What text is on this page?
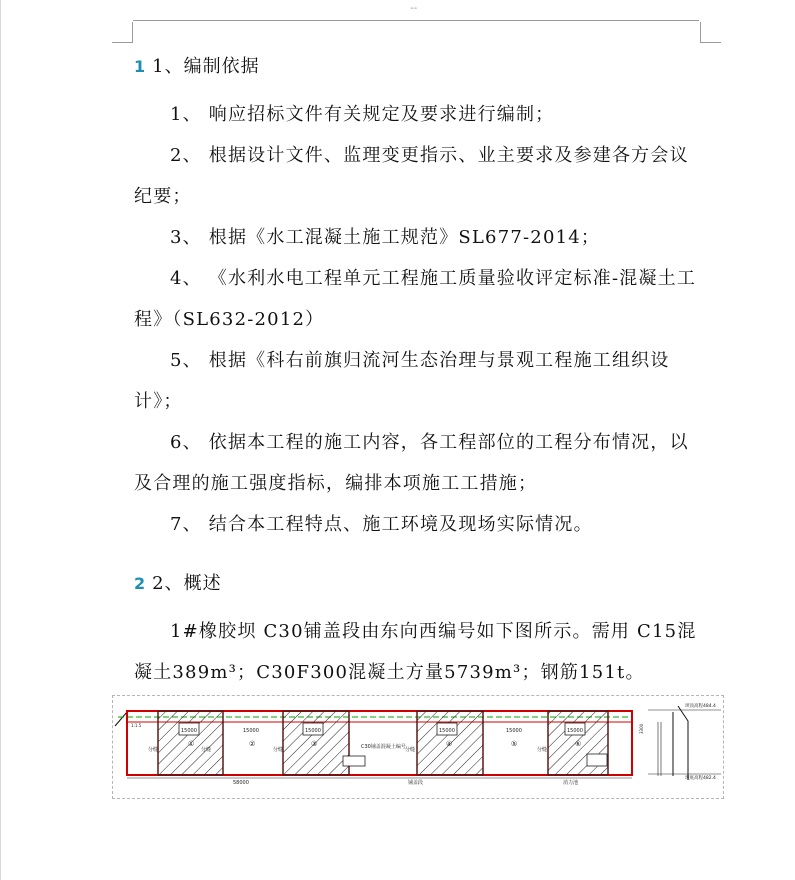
--
1 1、编制依据
1、 响应招标文件有关规定及要求进行编制；
2、 根据设计文件、监理变更指示、业主要求及参建各方会议纪要；
3、 根据《水工混凝土施工规范》SL677-2014；
4、 《水利水电工程单元工程施工质量验收评定标准-混凝土工程》（SL632-2012）
5、 根据《科右前旗归流河生态治理与景观工程施工组织设计》；
6、 依据本工程的施工内容，各工程部位的工程分布情况，以及合理的施工强度指标，编排本项施工工措施；
7、 结合本工程特点、施工环境及现场实际情况。
2 2、概述
1#橡胶坝 C30铺盖段由东向西编号如下图所示。需用 C15混凝土389m³；C30F300混凝土方量5739m³；钢筋151t。
15000	15000	15000	15000	15000	15000
①	②	③	④	⑤	⑥
分缝	分缝	分缝	分缝	分缝
C30铺盖混凝土编号
1:1.5
58000	铺盖段	消力池
3300
坝顶高程484.4
坝底高程482.4
